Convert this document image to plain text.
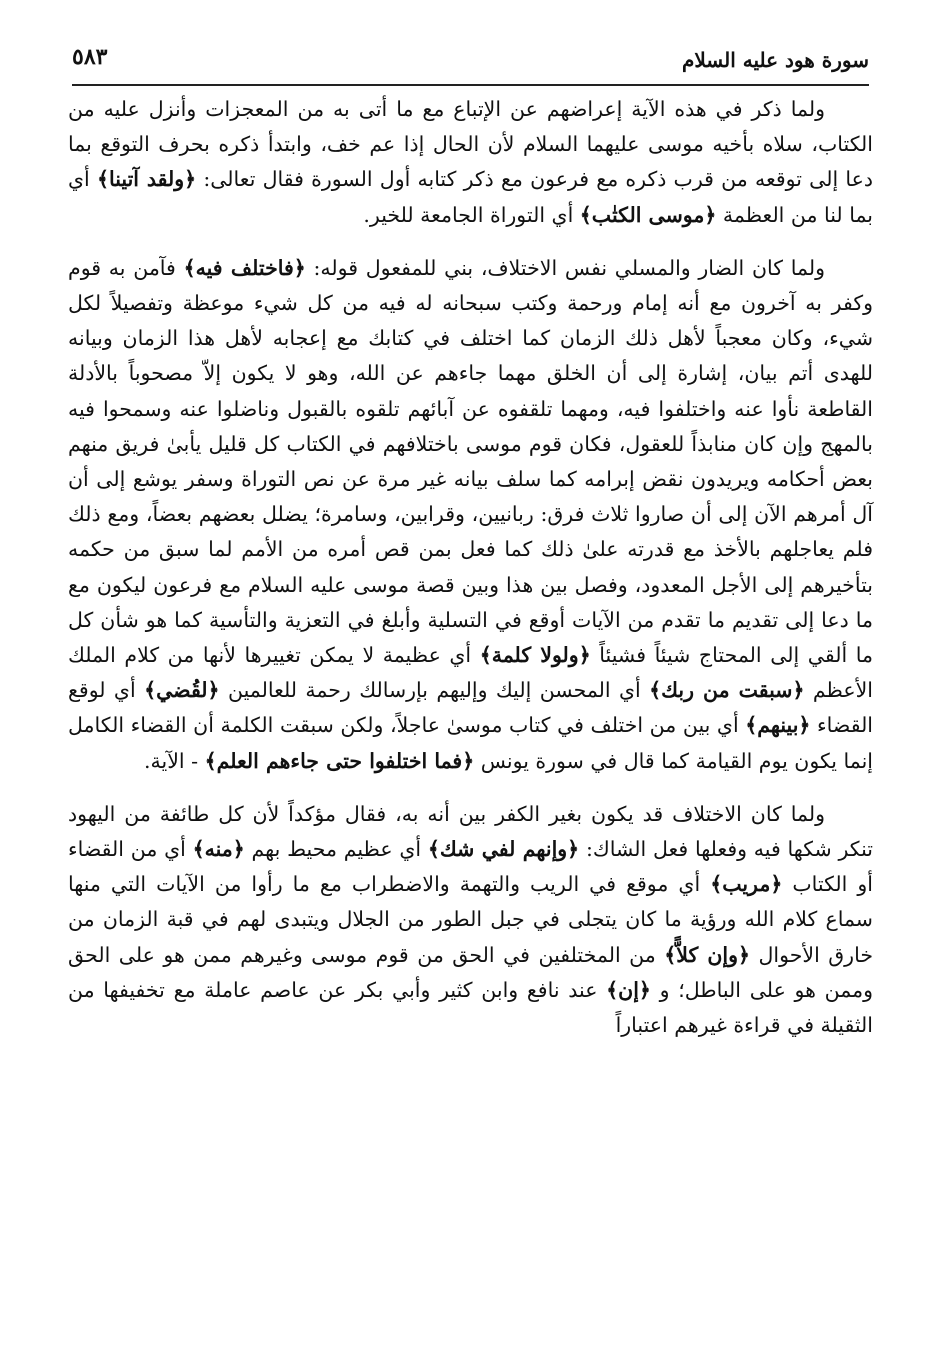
سورة هود عليه السلام
٥٨٣

ولما ذكر في هذه الآية إعراضهم عن الإتباع مع ما أتى به من المعجزات وأنزل عليه من الكتاب، سلاه بأخيه موسى عليهما السلام لأن الحال إذا عم خف، وابتدأ ذكره بحرف التوقع بما دعا إلى توقعه من قرب ذكره مع فرعون مع ذكر كتابه أول السورة فقال تعالى: ﴿ولقد آتينا﴾ أي بما لنا من العظمة ﴿موسى الكتٰب﴾ أي التوراة الجامعة للخير.

ولما كان الضار والمسلي نفس الاختلاف، بني للمفعول قوله: ﴿فاختلف فيه﴾ فآمن به قوم وكفر به آخرون مع أنه إمام ورحمة وكتب سبحانه له فيه من كل شيء موعظة وتفصيلاً لكل شيء، وكان معجباً لأهل ذلك الزمان كما اختلف في كتابك مع إعجابه لأهل هذا الزمان وبيانه للهدى أتم بيان، إشارة إلى أن الخلق مهما جاءهم عن الله، وهو لا يكون إلاّ مصحوباً بالأدلة القاطعة نأوا عنه واختلفوا فيه، ومهما تلقفوه عن آبائهم تلقوه بالقبول وناضلوا عنه وسمحوا فيه بالمهج وإن كان منابذاً للعقول، فكان قوم موسى باختلافهم في الكتاب كل قليل يأبىٰ فريق منهم بعض أحكامه ويريدون نقض إبرامه كما سلف بيانه غير مرة عن نص التوراة وسفر يوشع إلى أن آل أمرهم الآن إلى أن صاروا ثلاث فرق: ربانيين، وقرابين، وسامرة؛ يضلل بعضهم بعضاً، ومع ذلك فلم يعاجلهم بالأخذ مع قدرته علىٰ ذلك كما فعل بمن قص أمره من الأمم لما سبق من حكمه بتأخيرهم إلى الأجل المعدود، وفصل بين هذا وبين قصة موسى عليه السلام مع فرعون ليكون مع ما دعا إلى تقديم ما تقدم من الآيات أوقع في التسلية وأبلغ في التعزية والتأسية كما هو شأن كل ما ألقي إلى المحتاج شيئاً فشيئاً ﴿ولولا كلمة﴾ أي عظيمة لا يمكن تغييرها لأنها من كلام الملك الأعظم ﴿سبقت من ربك﴾ أي المحسن إليك وإليهم بإرسالك رحمة للعالمين ﴿لقُضي﴾ أي لوقع القضاء ﴿بينهم﴾ أي بين من اختلف في كتاب موسىٰ عاجلاً، ولكن سبقت الكلمة أن القضاء الكامل إنما يكون يوم القيامة كما قال في سورة يونس ﴿فما اختلفوا حتى جاءهم العلم﴾ - الآية.

ولما كان الاختلاف قد يكون بغير الكفر بين أنه به، فقال مؤكداً لأن كل طائفة من اليهود تنكر شكها فيه وفعلها فعل الشاك: ﴿وإنهم لفي شك﴾ أي عظيم محيط بهم ﴿منه﴾ أي من القضاء أو الكتاب ﴿مريب﴾ أي موقع في الريب والتهمة والاضطراب مع ما رأوا من الآيات التي منها سماع كلام الله ورؤية ما كان يتجلى في جبل الطور من الجلال ويتبدى لهم في قبة الزمان من خارق الأحوال ﴿وإن كلاًّ﴾ من المختلفين في الحق من قوم موسى وغيرهم ممن هو على الحق وممن هو على الباطل؛ و ﴿إن﴾ عند نافع وابن كثير وأبي بكر عن عاصم عاملة مع تخفيفها من الثقيلة في قراءة غيرهم اعتباراً
